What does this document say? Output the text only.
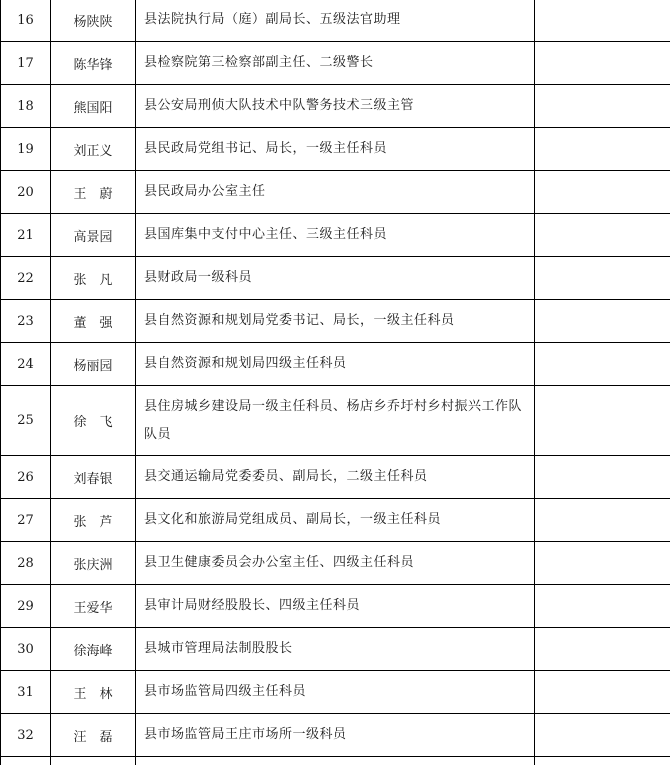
16	杨陕陕	县法院执行局（庭）副局长、五级法官助理	
17	陈华锋	县检察院第三检察部副主任、二级警长	
18	熊国阳	县公安局刑侦大队技术中队警务技术三级主管	
19	刘正义	县民政局党组书记、局长，一级主任科员	
20	王　蔚	县民政局办公室主任	
21	高景园	县国库集中支付中心主任、三级主任科员	
22	张　凡	县财政局一级科员	
23	董　强	县自然资源和规划局党委书记、局长，一级主任科员	
24	杨丽园	县自然资源和规划局四级主任科员	
25	徐　飞	县住房城乡建设局一级主任科员、杨店乡乔圩村乡村振兴工作队队员	
26	刘春银	县交通运输局党委委员、副局长，二级主任科员	
27	张　芦	县文化和旅游局党组成员、副局长，一级主任科员	
28	张庆洲	县卫生健康委员会办公室主任、四级主任科员	
29	王爱华	县审计局财经股股长、四级主任科员	
30	徐海峰	县城市管理局法制股股长	
31	王　林	县市场监管局四级主任科员	
32	汪　磊	县市场监管局王庄市场所一级科员	
